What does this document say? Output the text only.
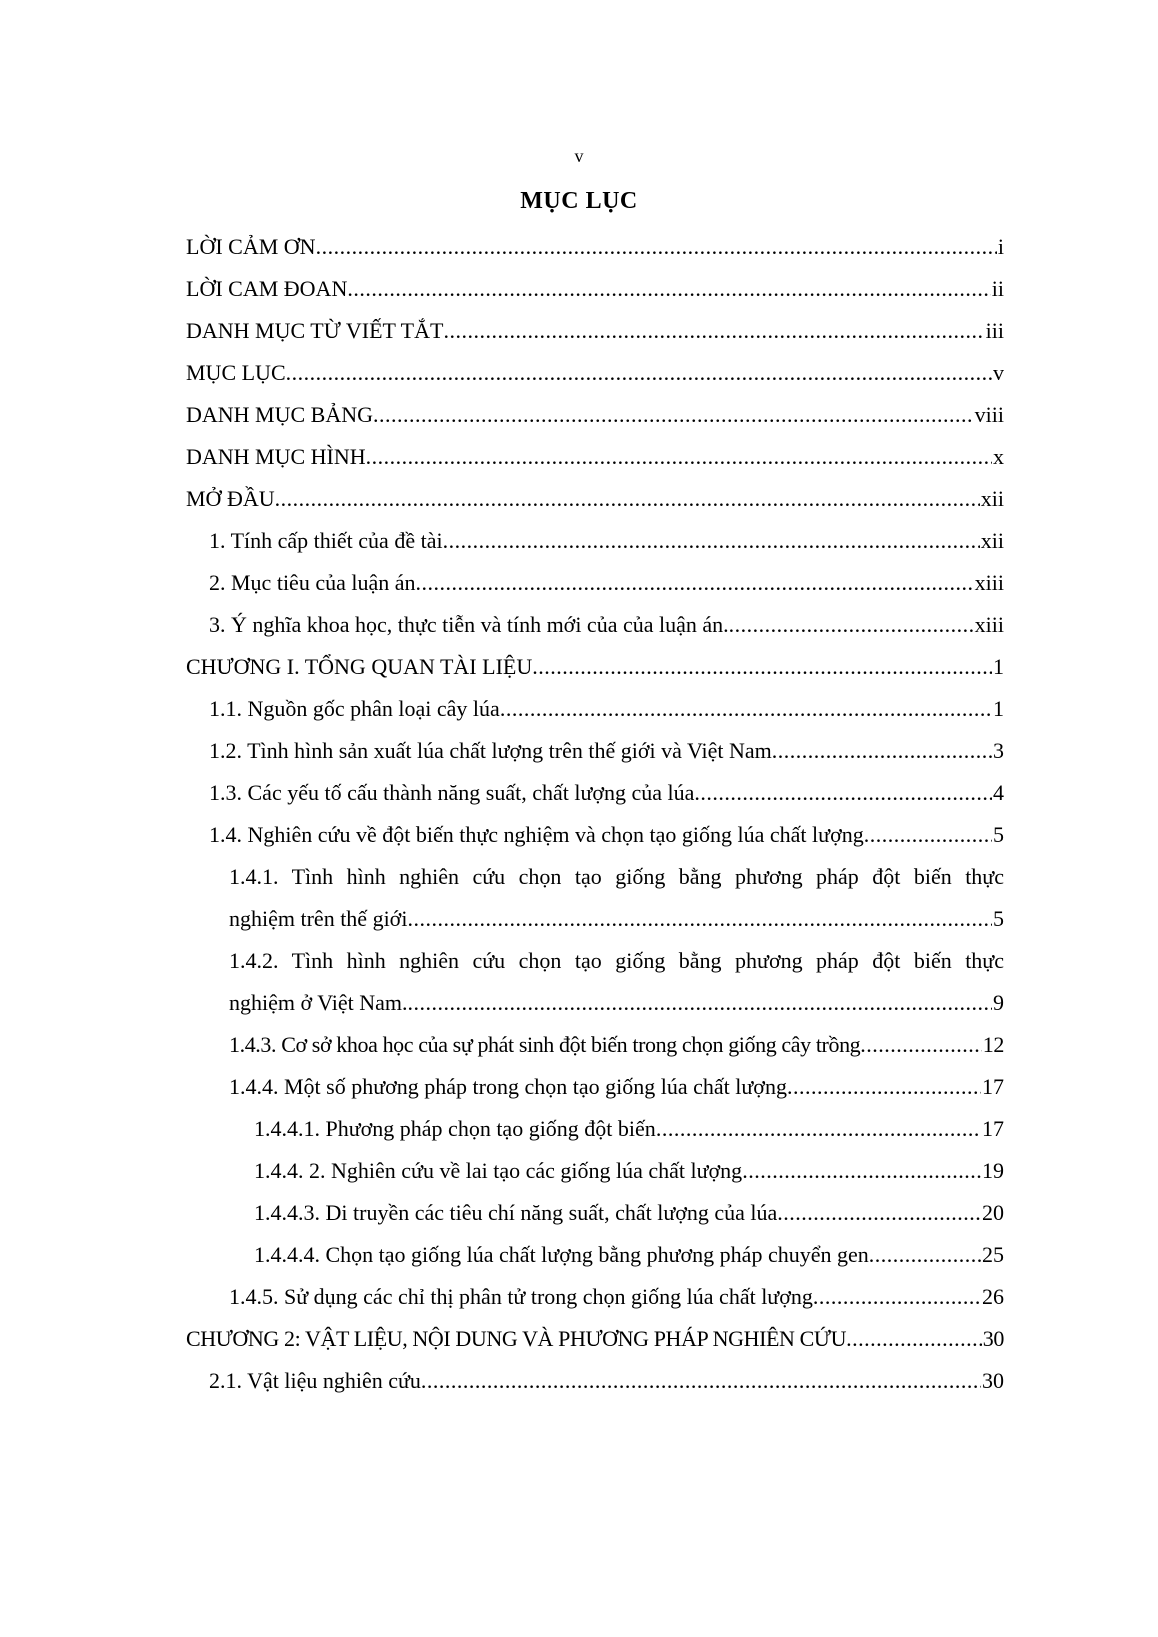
v
MỤC LỤC
LỜI CẢM ƠN .....	i
LỜI CAM ĐOAN .....	ii
DANH MỤC TỪ VIẾT TẮT .....	iii
MỤC LỤC .....	v
DANH MỤC BẢNG .....	viii
DANH MỤC HÌNH .....	x
MỞ ĐẦU .....	xii
1. Tính cấp thiết của đề tài .....	xii
2. Mục tiêu của luận án .....	xiii
3. Ý nghĩa khoa học, thực tiễn và tính mới của của luận án. .....	xiii
CHƯƠNG I. TỔNG QUAN TÀI LIỆU .....	1
1.1. Nguồn gốc phân loại cây lúa .....	1
1.2. Tình hình sản xuất lúa chất lượng trên thế giới và Việt Nam .....	3
1.3. Các yếu tố cấu thành năng suất, chất lượng của lúa .....	4
1.4. Nghiên cứu về đột biến thực nghiệm và chọn tạo giống lúa chất lượng .....	5
1.4.1. Tình hình nghiên cứu chọn tạo giống bằng phương pháp đột biến thực
nghiệm trên thế giới .....	5
1.4.2. Tình hình nghiên cứu chọn tạo giống bằng phương pháp đột biến thực
nghiệm ở Việt Nam. .....	9
1.4.3. Cơ sở khoa học của sự phát sinh đột biến trong chọn giống cây trồng .....	12
1.4.4. Một số phương pháp trong chọn tạo giống lúa chất lượng .....	17
1.4.4.1. Phương pháp chọn tạo giống đột biến .....	17
1.4.4. 2. Nghiên cứu về lai tạo các giống lúa chất lượng .....	19
1.4.4.3. Di truyền các tiêu chí năng suất, chất lượng của lúa .....	20
1.4.4.4. Chọn tạo giống lúa chất lượng bằng phương pháp chuyển gen .....	25
1.4.5. Sử dụng các chỉ thị phân tử trong chọn giống lúa chất lượng .....	26
CHƯƠNG 2: VẬT LIỆU, NỘI DUNG VÀ PHƯƠNG PHÁP NGHIÊN CỨU .....	30
2.1. Vật liệu nghiên cứu .....	30
